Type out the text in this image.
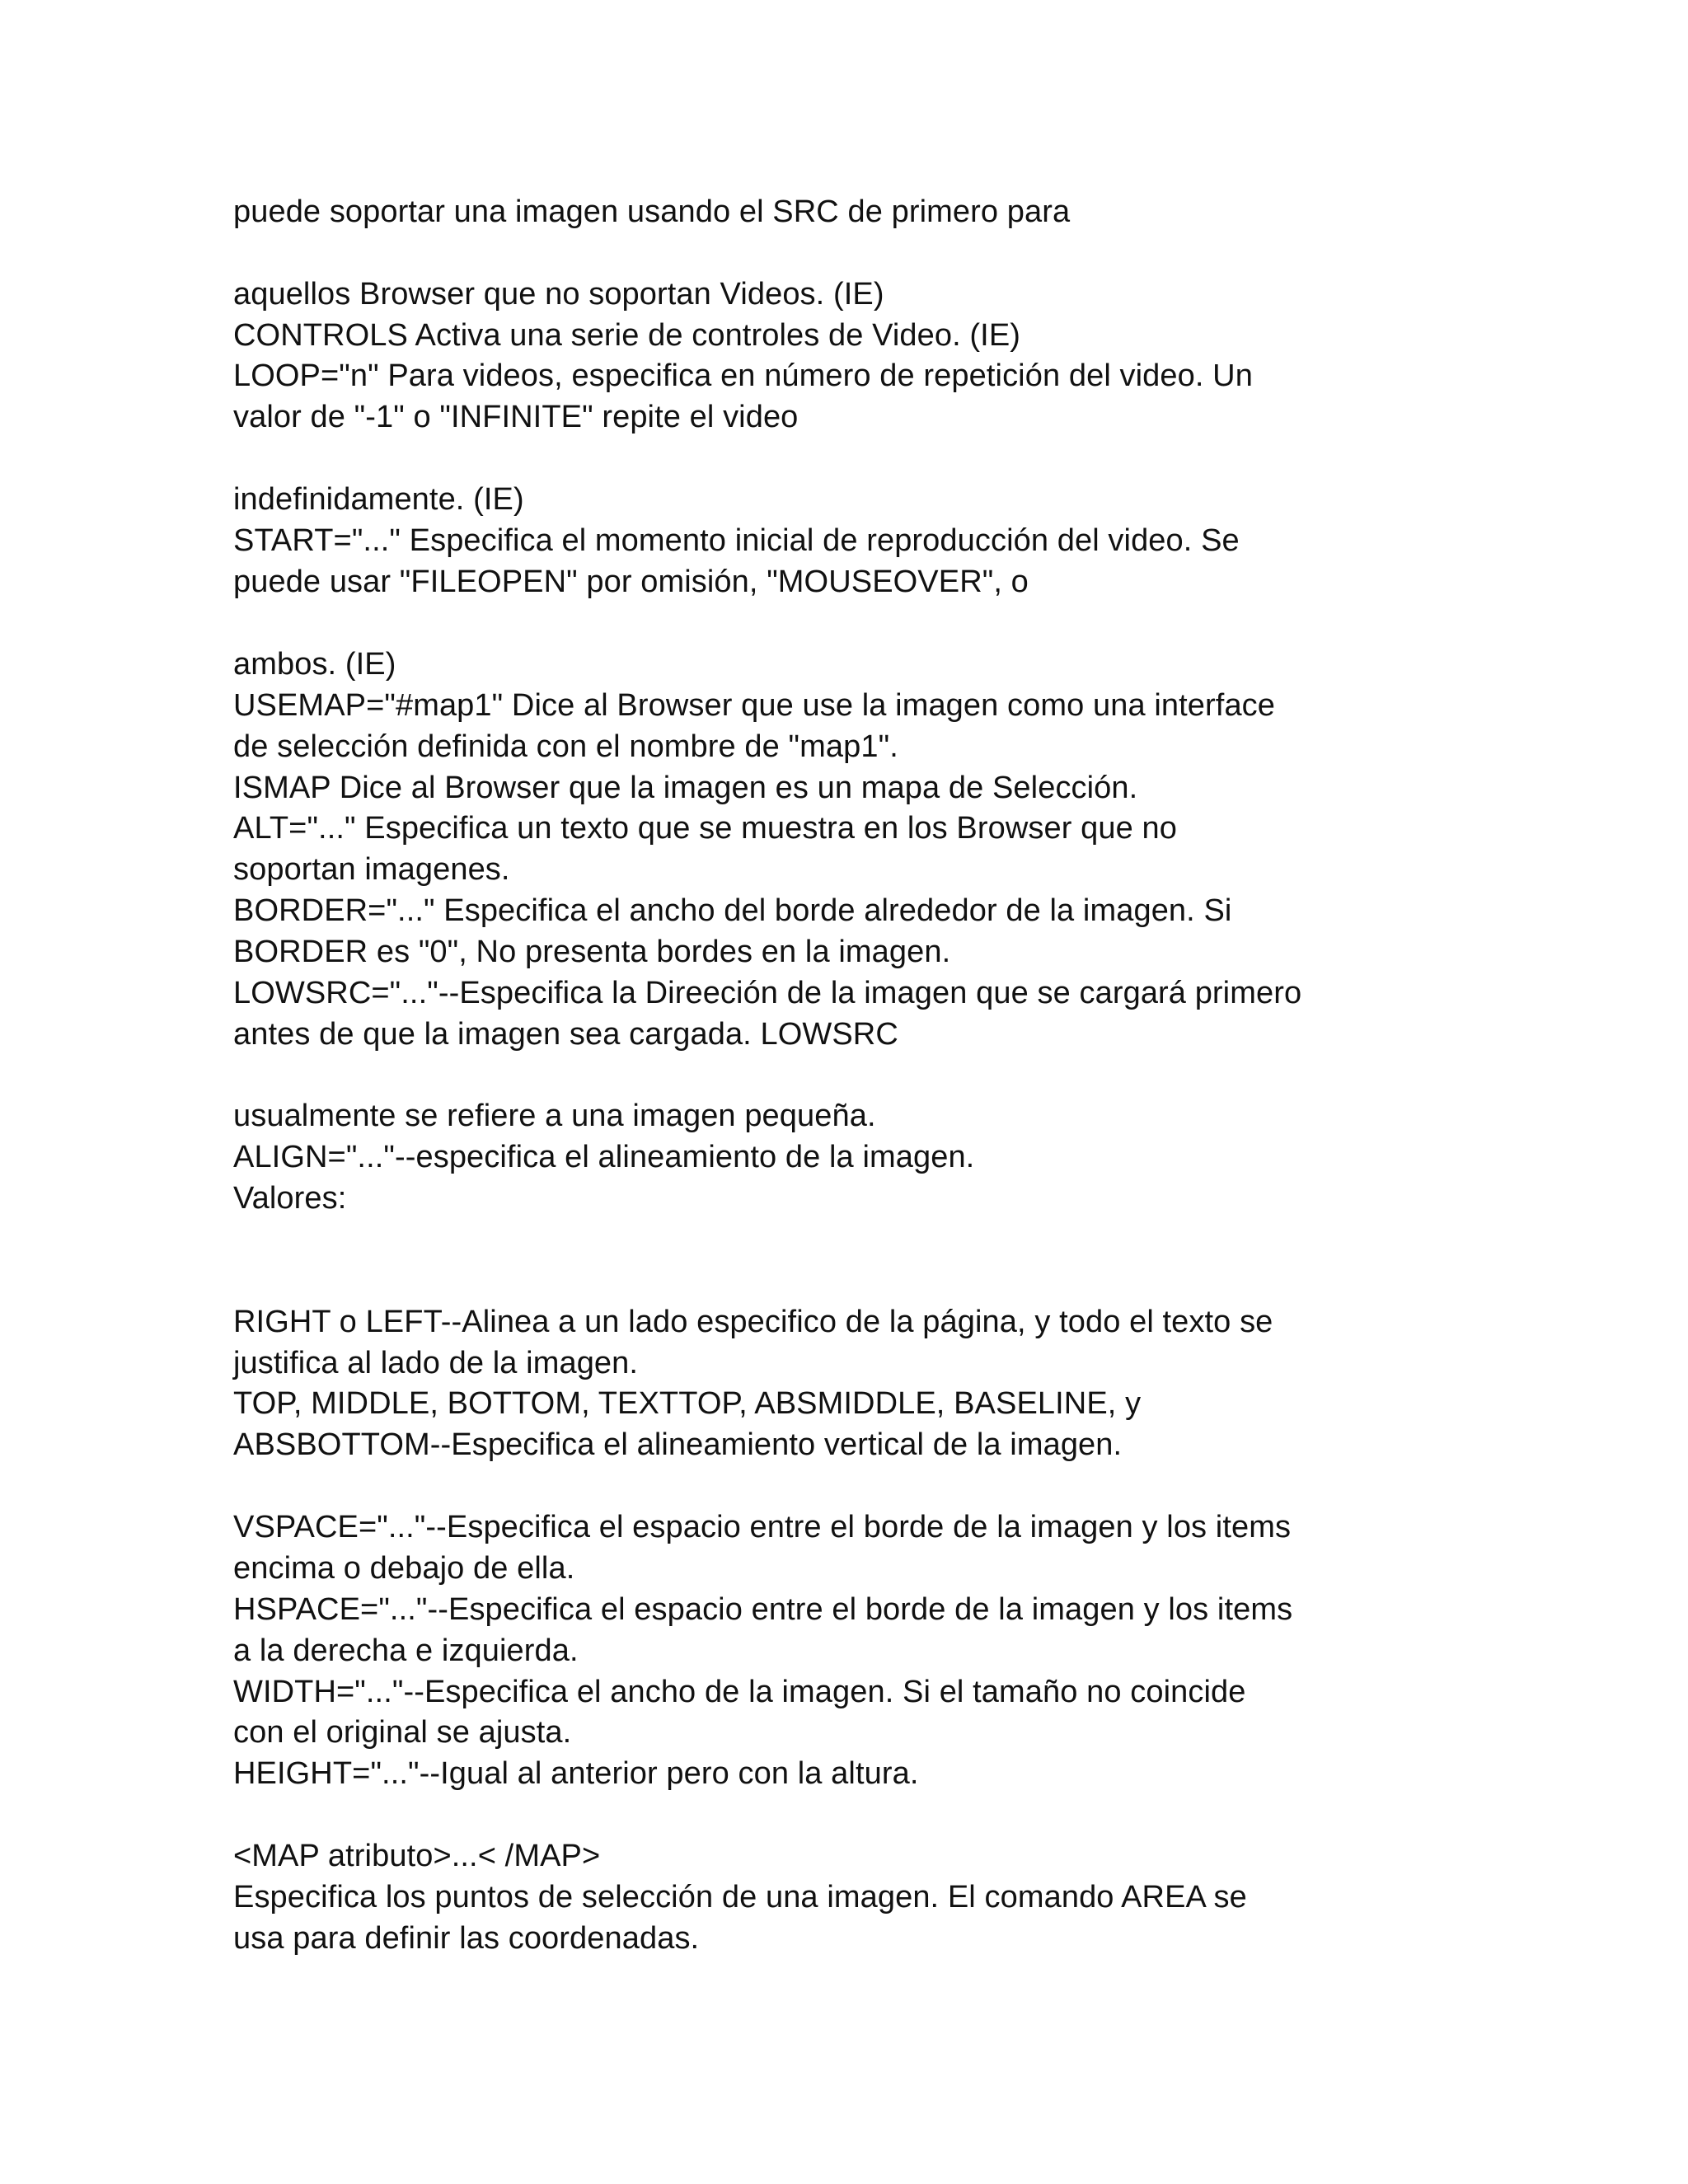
puede soportar una imagen usando el SRC de primero para
aquellos Browser que no soportan Videos. (IE)
CONTROLS Activa una serie de controles de Video. (IE)
LOOP="n" Para videos, especifica en número de repetición del video. Un
valor de "-1" o "INFINITE" repite el video
indefinidamente. (IE)
START="..." Especifica el momento inicial de reproducción del video. Se
puede usar "FILEOPEN" por omisión, "MOUSEOVER", o
ambos. (IE)
USEMAP="#map1" Dice al Browser que use la imagen como una interface
de selección definida con el nombre de "map1".
ISMAP Dice al Browser que la imagen es un mapa de Selección.
ALT="..." Especifica un texto que se muestra en los Browser que no
soportan imagenes.
BORDER="..." Especifica el ancho del borde alrededor de la imagen. Si
BORDER es "0", No presenta bordes en la imagen.
LOWSRC="..."--Especifica la Direeción de la imagen que se cargará primero
antes de que la imagen sea cargada. LOWSRC
usualmente se refiere a una imagen pequeña.
ALIGN="..."--especifica el alineamiento de la imagen.
Valores:
RIGHT o LEFT--Alinea a un lado especifico de la página, y todo el texto se
justifica al lado de la imagen.
TOP, MIDDLE, BOTTOM, TEXTTOP, ABSMIDDLE, BASELINE, y
ABSBOTTOM--Especifica el alineamiento vertical de la imagen.
VSPACE="..."--Especifica el espacio entre el borde de la imagen y los items
encima o debajo de ella.
HSPACE="..."--Especifica el espacio entre el borde de la imagen y los items
a la derecha e izquierda.
WIDTH="..."--Especifica el ancho de la imagen. Si el tamaño no coincide
con el original se ajusta.
HEIGHT="..."--Igual al anterior pero con la altura.
<MAP atributo>...< /MAP>
Especifica los puntos de selección de una imagen. El comando AREA se
usa para definir las coordenadas.
